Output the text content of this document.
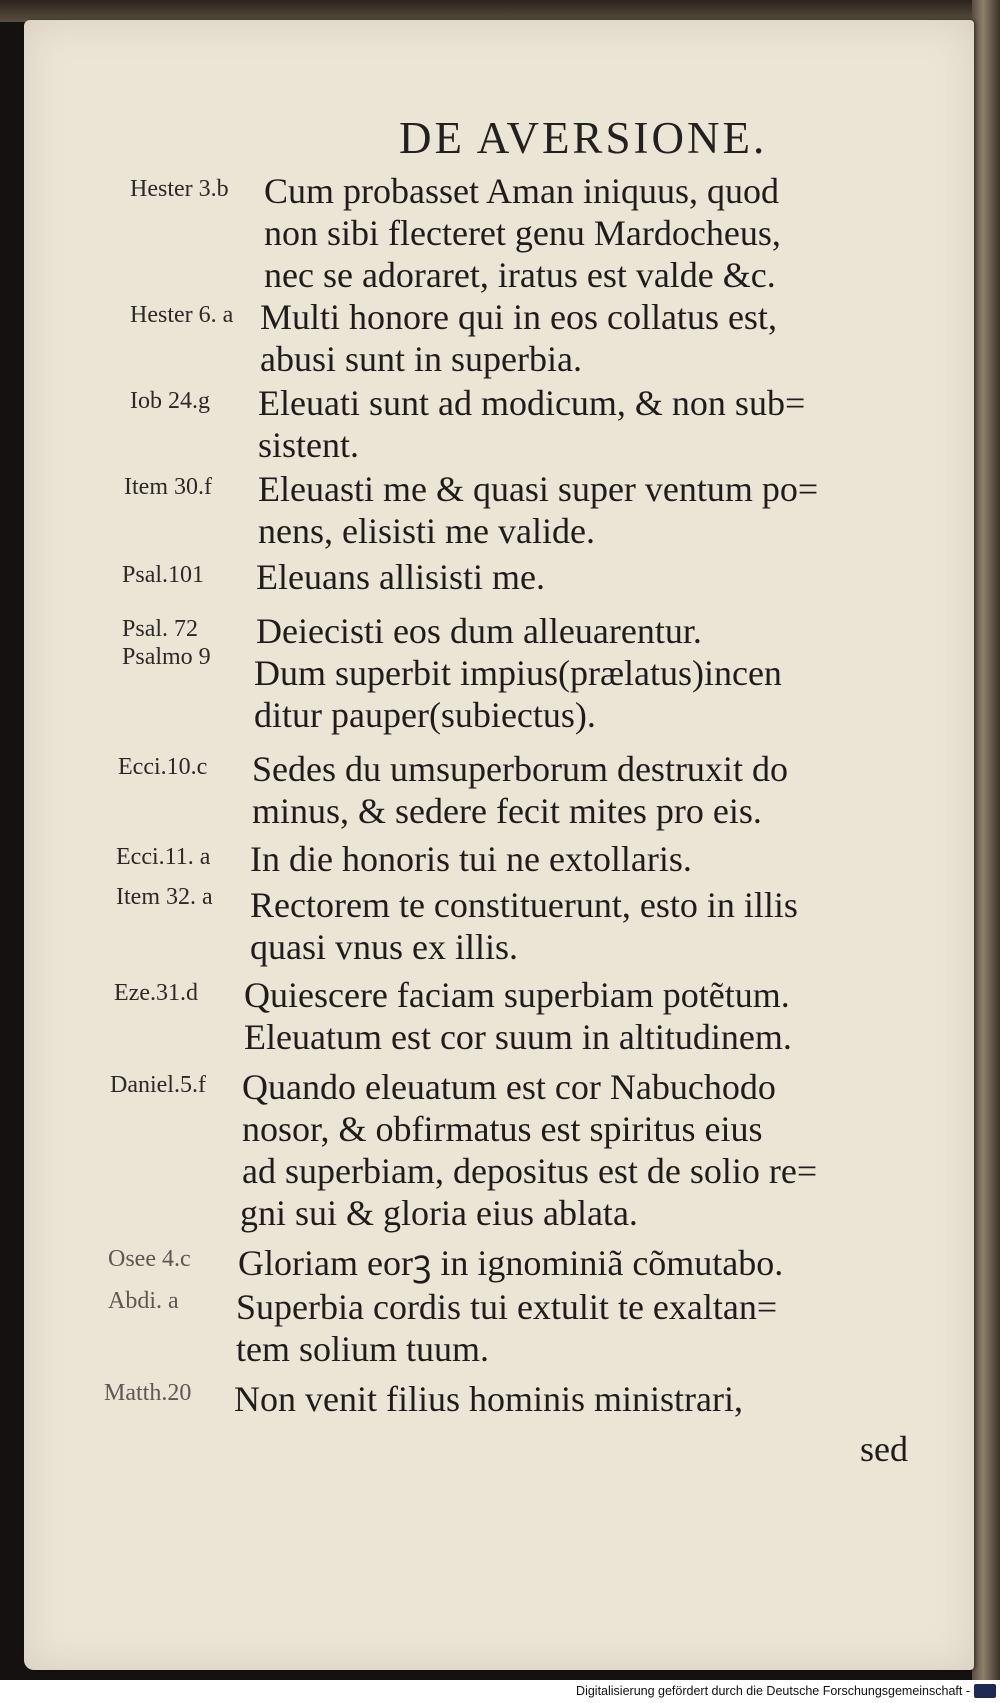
DE AVERSIONE.
Hester 3.b Cum probasset Aman iniquus, quod
non sibi flecteret genu Mardocheus,
nec se adoraret, iratus est valde &c.
Hester 6. a Multi honore qui in eos collatus est,
abusi sunt in superbia.
Iob 24.g Eleuati sunt ad modicum, & non sub=
sistent.
Item 30.f Eleuasti me & quasi super ventum po=
nens, elisisti me valide.
Psal.101 Eleuans allisisti me.
Psal. 72 Deiecisti eos dum alleuarentur.
Psalmo 9 Dum superbit impius(prælatus)incen
ditur pauper(subiectus).
Ecci.10.c Sedes du umsuperborum destruxit do
minus, & sedere fecit mites pro eis.
Ecci.11. a In die honoris tui ne extollaris.
Item 32. a Rectorem te constituerunt, esto in illis
quasi vnus ex illis.
Eze.31.d Quiescere faciam superbiam potẽtum.
Eleuatum est cor suum in altitudinem.
Daniel.5.f Quando eleuatum est cor Nabuchodo
nosor, & obfirmatus est spiritus eius
ad superbiam, depositus est de solio re=
gni sui & gloria eius ablata.
Osee 4.c Gloriam eorꝫ in ignominiã cõmutabo.
Abdi. a Superbia cordis tui extulit te exaltan=
tem solium tuum.
Matth.20 Non venit filius hominis ministrari,
sed
Digitalisierung gefördert durch die Deutsche Forschungsgemeinschaft -
